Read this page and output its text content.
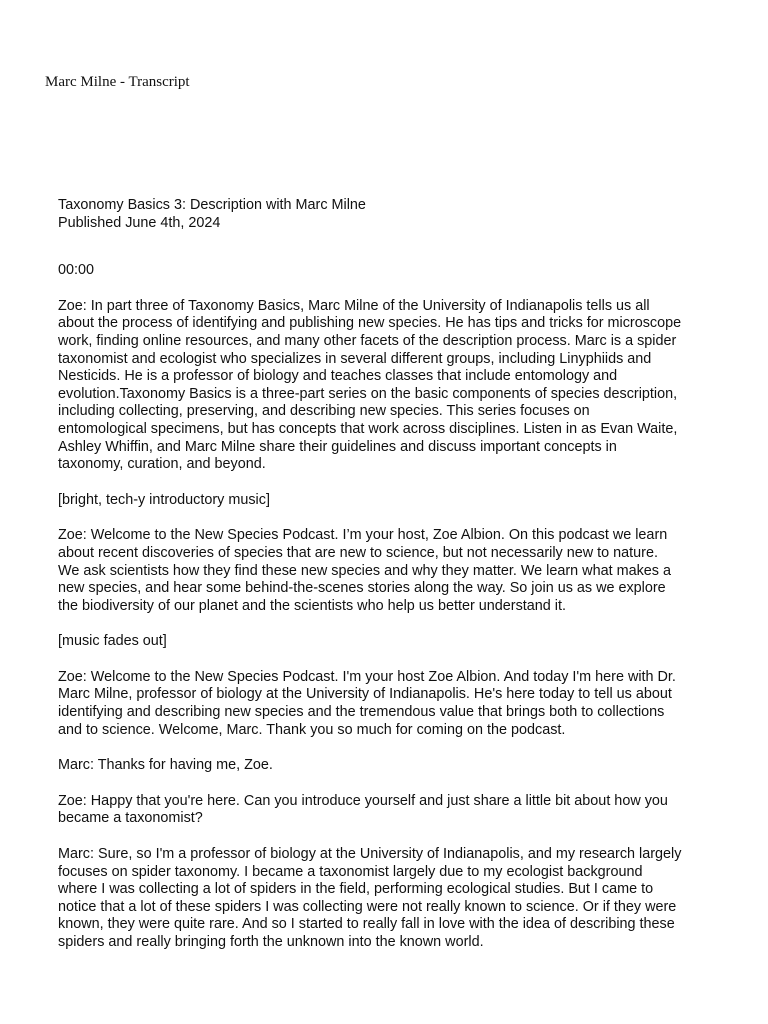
Marc Milne - Transcript
Taxonomy Basics 3: Description with Marc Milne
Published June 4th, 2024
00:00
Zoe: In part three of Taxonomy Basics, Marc Milne of the University of Indianapolis tells us all
about the process of identifying and publishing new species. He has tips and tricks for microscope
work, finding online resources, and many other facets of the description process. Marc is a spider
taxonomist and ecologist who specializes in several different groups, including Linyphiids and
Nesticids. He is a professor of biology and teaches classes that include entomology and
evolution.Taxonomy Basics is a three-part series on the basic components of species description,
including collecting, preserving, and describing new species. This series focuses on
entomological specimens, but has concepts that work across disciplines. Listen in as Evan Waite,
Ashley Whiffin, and Marc Milne share their guidelines and discuss important concepts in
taxonomy, curation, and beyond.
[bright, tech-y introductory music]
Zoe: Welcome to the New Species Podcast. I’m your host, Zoe Albion. On this podcast we learn
about recent discoveries of species that are new to science, but not necessarily new to nature.
We ask scientists how they find these new species and why they matter. We learn what makes a
new species, and hear some behind-the-scenes stories along the way. So join us as we explore
the biodiversity of our planet and the scientists who help us better understand it.
[music fades out]
Zoe: Welcome to the New Species Podcast. I'm your host Zoe Albion. And today I'm here with Dr.
Marc Milne, professor of biology at the University of Indianapolis. He's here today to tell us about
identifying and describing new species and the tremendous value that brings both to collections
and to science. Welcome, Marc. Thank you so much for coming on the podcast.
Marc: Thanks for having me, Zoe.
Zoe: Happy that you're here. Can you introduce yourself and just share a little bit about how you
became a taxonomist?
Marc: Sure, so I'm a professor of biology at the University of Indianapolis, and my research largely
focuses on spider taxonomy. I became a taxonomist largely due to my ecologist background
where I was collecting a lot of spiders in the field, performing ecological studies. But I came to
notice that a lot of these spiders I was collecting were not really known to science. Or if they were
known, they were quite rare. And so I started to really fall in love with the idea of describing these
spiders and really bringing forth the unknown into the known world.
